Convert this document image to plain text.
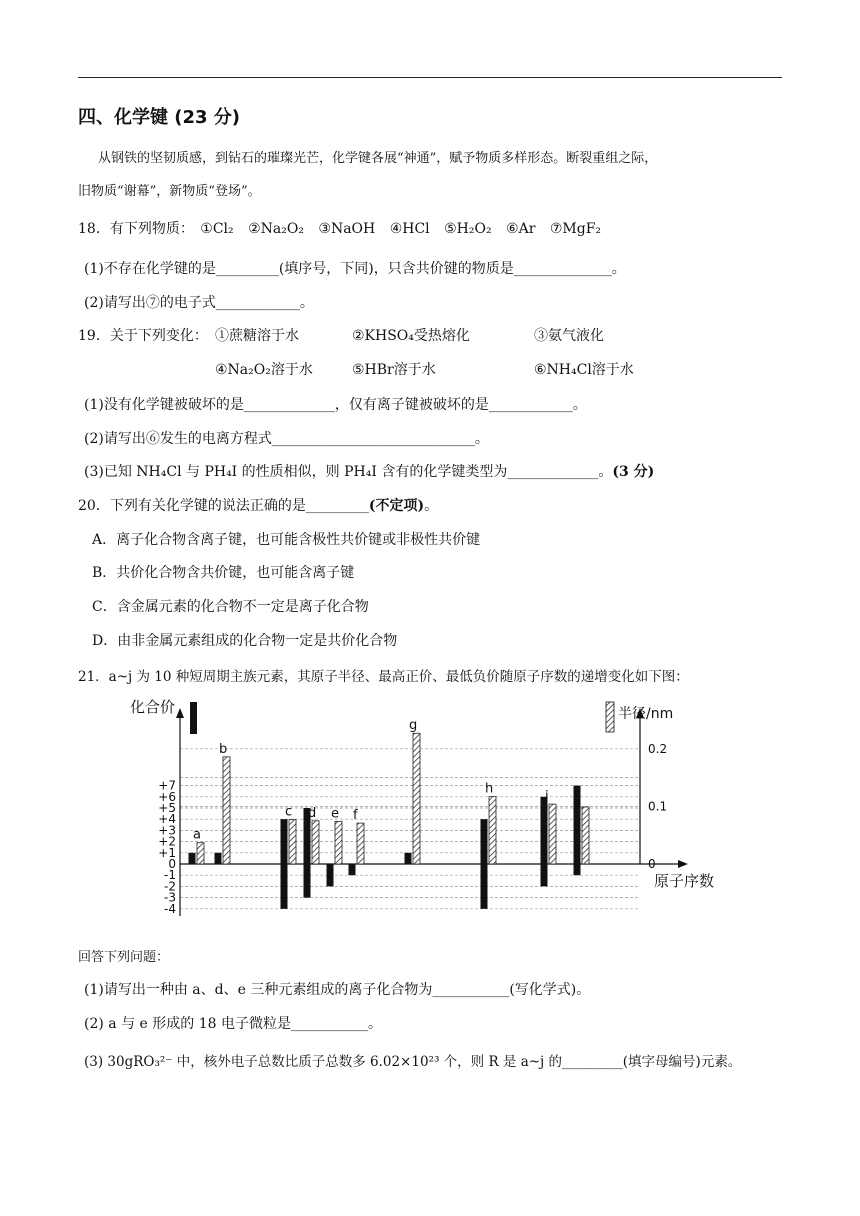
四、化学键 (23 分)
从钢铁的坚韧质感，到钻石的璀璨光芒，化学键各展“神通”，赋予物质多样形态。断裂重组之际，
旧物质“谢幕”，新物质“登场”。
18．有下列物质： ①Cl₂ ②Na₂O₂ ③NaOH ④HCl ⑤H₂O₂ ⑥Ar ⑦MgF₂
(1)不存在化学键的是_________(填序号，下同)，只含共价键的物质是______________。
(2)请写出⑦的电子式____________。
19．关于下列变化： ①蔗糖溶于水	②KHSO₄受热熔化	③氨气液化
④Na₂O₂溶于水	⑤HBr溶于水	⑥NH₄Cl溶于水
(1)没有化学键被破坏的是_____________，仅有离子键被破坏的是____________。
(2)请写出⑥发生的电离方程式_____________________________。
(3)已知 NH₄Cl 与 PH₄I 的性质相似，则 PH₄I 含有的化学键类型为_____________。(3 分)
20．下列有关化学键的说法正确的是_________(不定项)。
A．离子化合物含离子键，也可能含极性共价键或非极性共价键
B．共价化合物含共价键，也可能含离子键
C．含金属元素的化合物不一定是离子化合物
D．由非金属元素组成的化合物一定是共价化合物
21．a~j 为 10 种短周期主族元素，其原子半径、最高正价、最低负价随原子序数的递增变化如下图：
+7
+6
+5
+4
+3
+2
+1
0
-1
-2
-3
-4
0.2
0.1
0
化合价	半径/nm
原子序数
a
b
c d e f
g
h	i j
回答下列问题：
(1)请写出一种由 a、d、e 三种元素组成的离子化合物为___________(写化学式)。
(2) a 与 e 形成的 18 电子微粒是___________。
(3) 30gRO₃²⁻ 中，核外电子总数比质子总数多 6.02×10²³ 个，则 R 是 a~j 的_________(填字母编号)元素。
